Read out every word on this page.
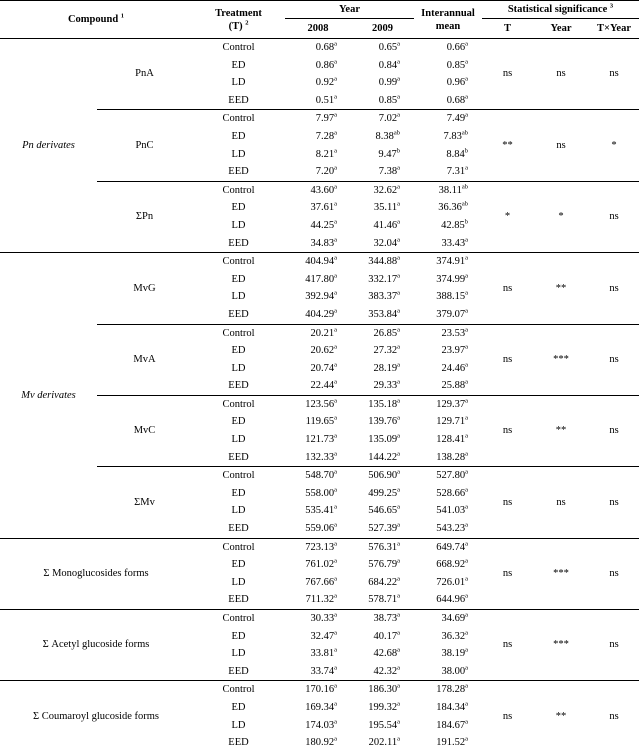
Compound $^1$		Treatment
(T) $^2$	Year		Interannual
mean	Statistical significance $^3$
			2008	2009		T	Year	T×Year
Pn derivates	PnA	Control	0.68$^a$	0.65$^a$	0.66$^a$	ns	ns	ns
		ED	0.86$^a$	0.84$^a$	0.85$^a$
		LD	0.92$^a$	0.99$^a$	0.96$^a$
		EED	0.51$^a$	0.85$^a$	0.68$^a$
	PnC	Control	7.97$^a$	7.02$^a$	7.49$^a$	**	ns	*
		ED	7.28$^a$	8.38$^{ab}$	7.83$^{ab}$
		LD	8.21$^a$	9.47$^b$	8.84$^b$
		EED	7.20$^a$	7.38$^a$	7.31$^a$
	ΣPn	Control	43.60$^a$	32.62$^a$	38.11$^{ab}$	*	*	ns
		ED	37.61$^a$	35.11$^a$	36.36$^{ab}$
		LD	44.25$^a$	41.46$^a$	42.85$^b$
		EED	34.83$^a$	32.04$^a$	33.43$^a$
Mv derivates	MvG	Control	404.94$^a$	344.88$^a$	374.91$^a$	ns	**	ns
		ED	417.80$^a$	332.17$^a$	374.99$^a$
		LD	392.94$^a$	383.37$^a$	388.15$^a$
		EED	404.29$^a$	353.84$^a$	379.07$^a$
	MvA	Control	20.21$^a$	26.85$^a$	23.53$^a$	ns	***	ns
		ED	20.62$^a$	27.32$^a$	23.97$^a$
		LD	20.74$^a$	28.19$^a$	24.46$^a$
		EED	22.44$^a$	29.33$^a$	25.88$^a$
	MvC	Control	123.56$^a$	135.18$^a$	129.37$^a$	ns	**	ns
		ED	119.65$^a$	139.76$^a$	129.71$^a$
		LD	121.73$^a$	135.09$^a$	128.41$^a$
		EED	132.33$^a$	144.22$^a$	138.28$^a$
	ΣMv	Control	548.70$^a$	506.90$^a$	527.80$^a$	ns	ns	ns
		ED	558.00$^a$	499.25$^a$	528.66$^a$
		LD	535.41$^a$	546.65$^a$	541.03$^a$
		EED	559.06$^a$	527.39$^a$	543.23$^a$
Σ Monoglucosides forms		Control	723.13$^a$	576.31$^a$	649.74$^a$	ns	***	ns
		ED	761.02$^a$	576.79$^a$	668.92$^a$
		LD	767.66$^a$	684.22$^a$	726.01$^a$
		EED	711.32$^a$	578.71$^a$	644.96$^a$
Σ Acetyl glucoside forms		Control	30.33$^a$	38.73$^a$	34.69$^a$	ns	***	ns
		ED	32.47$^a$	40.17$^a$	36.32$^a$
		LD	33.81$^a$	42.68$^a$	38.19$^a$
		EED	33.74$^a$	42.32$^a$	38.00$^a$
Σ Coumaroyl glucoside forms		Control	170.16$^a$	186.30$^a$	178.28$^a$	ns	**	ns
		ED	169.34$^a$	199.32$^a$	184.34$^a$
		LD	174.03$^a$	195.54$^a$	184.67$^a$
		EED	180.92$^a$	202.11$^a$	191.52$^a$
